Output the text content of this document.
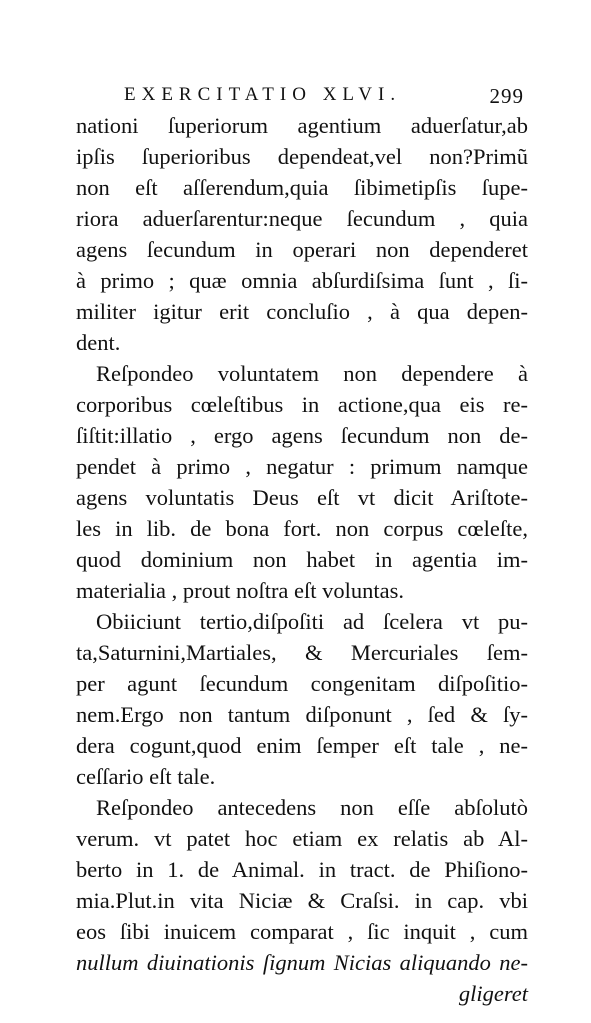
EXERCITATIO XLVI.	299
nationi ſuperiorum agentium aduerſatur,ab
ipſis ſuperioribus dependeat,vel non?Primũ
non eſt aſſerendum,quia ſibimetipſis ſupe-
riora aduerſarentur:neque ſecundum , quia
agens ſecundum in operari non dependeret
à primo ; quæ omnia abſurdiſsima ſunt , ſi-
militer igitur erit concluſio , à qua depen-
dent.
Reſpondeo voluntatem non dependere à
corporibus cœleſtibus in actione,qua eis re-
ſiſtit:illatio , ergo agens ſecundum non de-
pendet à primo , negatur : primum namque
agens voluntatis Deus eſt vt dicit Ariſtote-
les in lib. de bona fort. non corpus cœleſte,
quod dominium non habet in agentia im-
materialia , prout noſtra eſt voluntas.
Obiiciunt tertio,diſpoſiti ad ſcelera vt pu-
ta,Saturnini,Martiales, & Mercuriales ſem-
per agunt ſecundum congenitam diſpoſitio-
nem.Ergo non tantum diſponunt , ſed & ſy-
dera cogunt,quod enim ſemper eſt tale , ne-
ceſſario eſt tale.
Reſpondeo antecedens non eſſe abſolutò
verum. vt patet hoc etiam ex relatis ab Al-
berto in 1. de Animal. in tract. de Phiſiono-
mia.Plut.in vita Niciæ & Craſsi. in cap. vbi
eos ſibi inuicem comparat , ſic inquit , cum
nullum diuinationis ſignum Nicias aliquando ne-
gligeret
